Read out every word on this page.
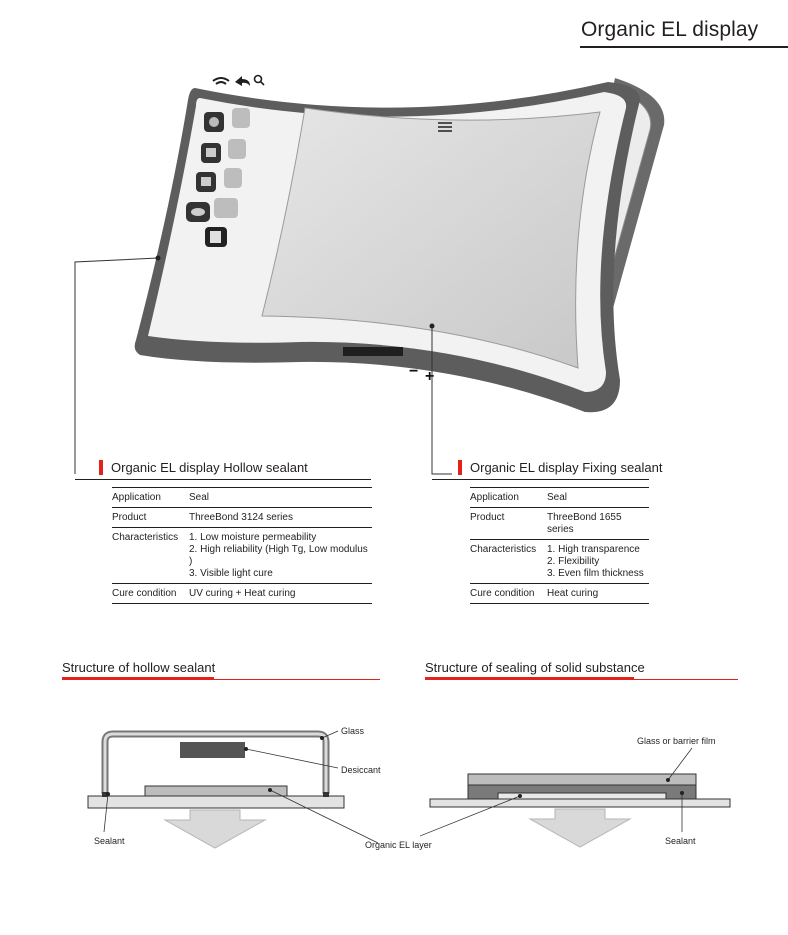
Organic EL display
− +
Organic EL display Hollow sealant
Application	Seal
Product	ThreeBond 3124 series
Characteristics	1. Low moisture permeability
2. High reliability (High Tg, Low modulus )
3. Visible light cure

Cure condition	UV curing + Heat curing
Organic EL display Fixing sealant
Application	Seal
Product	ThreeBond 1655 series
Characteristics	1. High transparence
2. Flexibility
3. Even film thickness

Cure condition	Heat curing
Structure of hollow sealant	Structure of sealing of solid substance
Glass
Desiccant
Sealant	Organic EL layer
Glass or barrier film
Sealant
